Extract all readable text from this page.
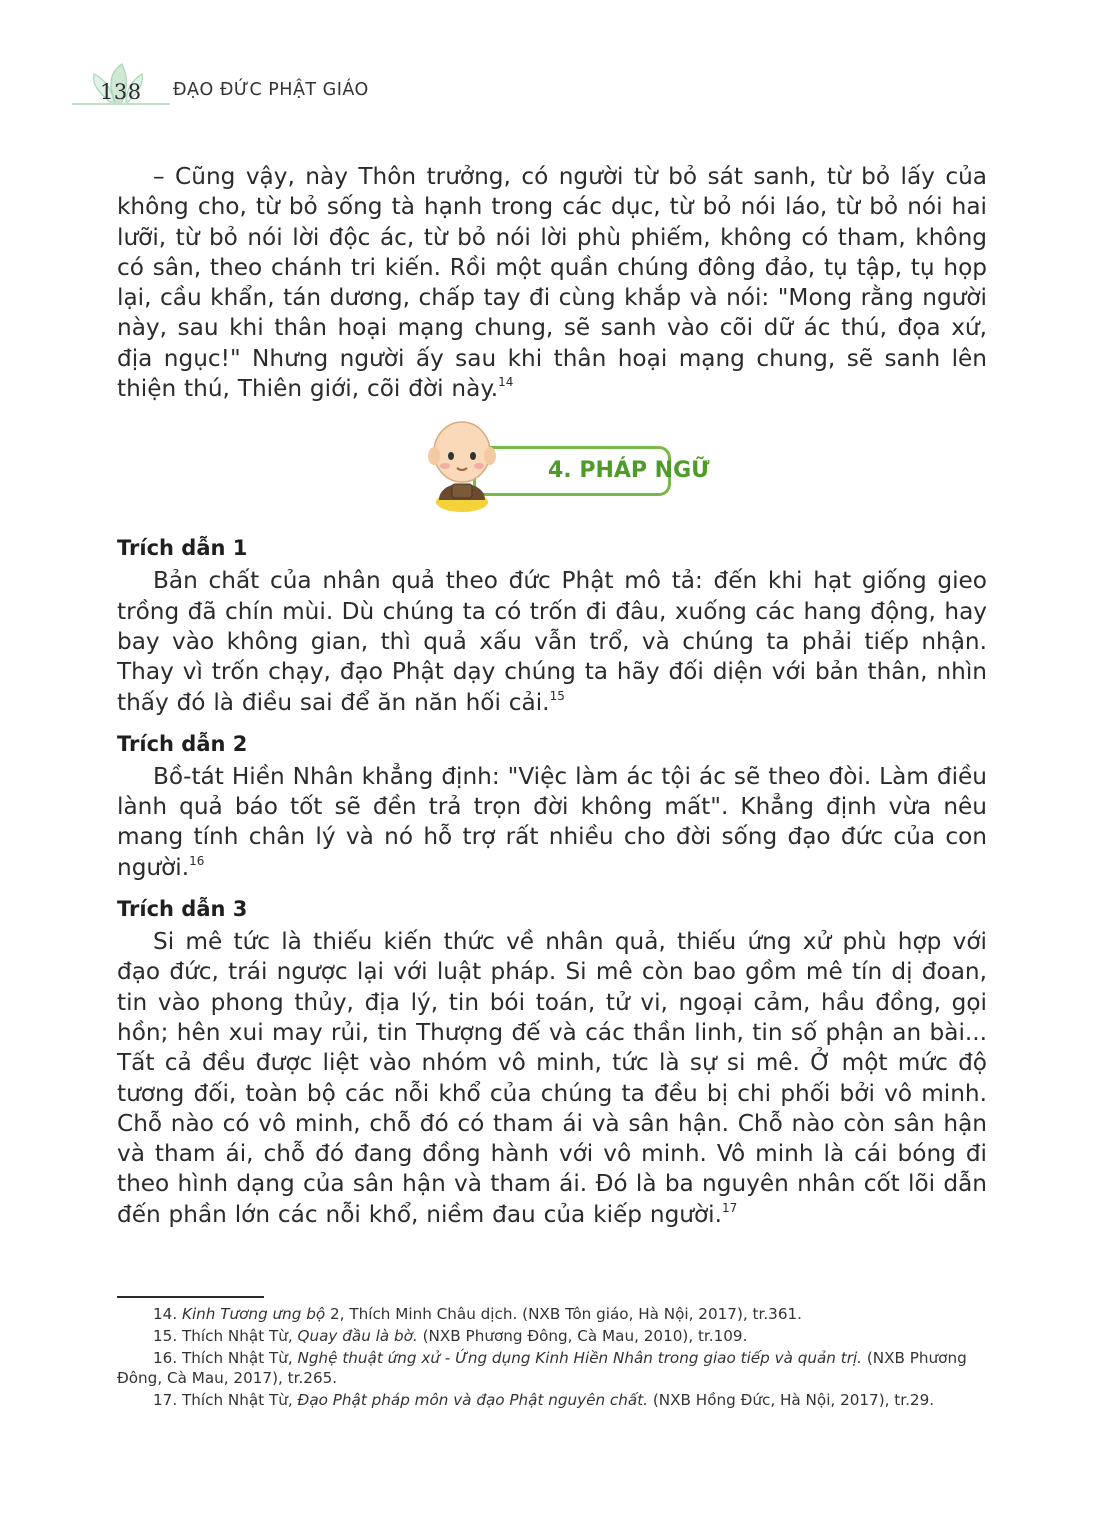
138 ĐẠO ĐỨC PHẬT GIÁO

– Cũng vậy, này Thôn trưởng, có người từ bỏ sát sanh, từ bỏ lấy của không cho, từ bỏ sống tà hạnh trong các dục, từ bỏ nói láo, từ bỏ nói hai lưỡi, từ bỏ nói lời độc ác, từ bỏ nói lời phù phiếm, không có tham, không có sân, theo chánh tri kiến. Rồi một quần chúng đông đảo, tụ tập, tụ họp lại, cầu khẩn, tán dương, chấp tay đi cùng khắp và nói: "Mong rằng người này, sau khi thân hoại mạng chung, sẽ sanh vào cõi dữ ác thú, đọa xứ, địa ngục!" Nhưng người ấy sau khi thân hoại mạng chung, sẽ sanh lên thiện thú, Thiên giới, cõi đời này.$^{14}$

4. PHÁP NGỮ
Trích dẫn 1

Bản chất của nhân quả theo đức Phật mô tả: đến khi hạt giống gieo trồng đã chín mùi. Dù chúng ta có trốn đi đâu, xuống các hang động, hay bay vào không gian, thì quả xấu vẫn trổ, và chúng ta phải tiếp nhận. Thay vì trốn chạy, đạo Phật dạy chúng ta hãy đối diện với bản thân, nhìn thấy đó là điều sai để ăn năn hối cải.$^{15}$

Trích dẫn 2

Bồ-tát Hiền Nhân khẳng định: "Việc làm ác tội ác sẽ theo đòi. Làm điều lành quả báo tốt sẽ đền trả trọn đời không mất". Khẳng định vừa nêu mang tính chân lý và nó hỗ trợ rất nhiều cho đời sống đạo đức của con người.$^{16}$

Trích dẫn 3

Si mê tức là thiếu kiến thức về nhân quả, thiếu ứng xử phù hợp với đạo đức, trái ngược lại với luật pháp. Si mê còn bao gồm mê tín dị đoan, tin vào phong thủy, địa lý, tin bói toán, tử vi, ngoại cảm, hầu đồng, gọi hồn; hên xui may rủi, tin Thượng đế và các thần linh, tin số phận an bài... Tất cả đều được liệt vào nhóm vô minh, tức là sự si mê. Ở một mức độ tương đối, toàn bộ các nỗi khổ của chúng ta đều bị chi phối bởi vô minh. Chỗ nào có vô minh, chỗ đó có tham ái và sân hận. Chỗ nào còn sân hận và tham ái, chỗ đó đang đồng hành với vô minh. Vô minh là cái bóng đi theo hình dạng của sân hận và tham ái. Đó là ba nguyên nhân cốt lõi dẫn đến phần lớn các nỗi khổ, niềm đau của kiếp người.$^{17}$

14. Kinh Tương ưng bộ 2, Thích Minh Châu dịch. (NXB Tôn giáo, Hà Nội, 2017), tr.361.

15. Thích Nhật Từ, Quay đầu là bờ. (NXB Phương Đông, Cà Mau, 2010), tr.109.

16. Thích Nhật Từ, Nghệ thuật ứng xử - Ứng dụng Kinh Hiền Nhân trong giao tiếp và quản trị. (NXB Phương Đông, Cà Mau, 2017), tr.265.

17. Thích Nhật Từ, Đạo Phật pháp môn và đạo Phật nguyên chất. (NXB Hồng Đức, Hà Nội, 2017), tr.29.
